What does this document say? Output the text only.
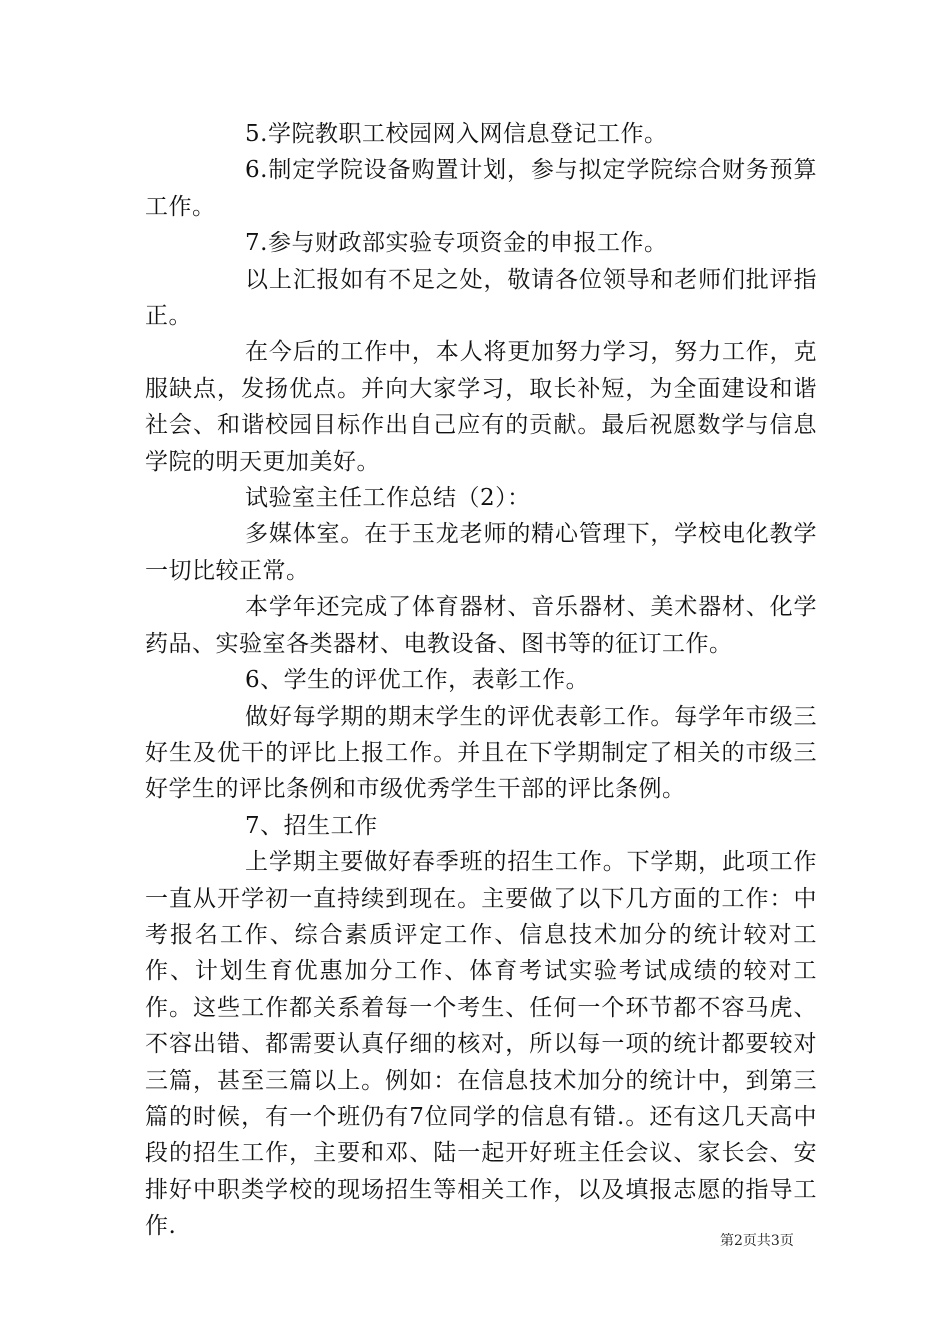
5.学院教职工校园网入网信息登记工作。

6.制定学院设备购置计划，参与拟定学院综合财务预算工作。

7.参与财政部实验专项资金的申报工作。

以上汇报如有不足之处，敬请各位领导和老师们批评指正。

在今后的工作中，本人将更加努力学习，努力工作，克服缺点，发扬优点。并向大家学习，取长补短，为全面建设和谐社会、和谐校园目标作出自己应有的贡献。最后祝愿数学与信息学院的明天更加美好。

试验室主任工作总结（2）：

多媒体室。在于玉龙老师的精心管理下，学校电化教学一切比较正常。

本学年还完成了体育器材、音乐器材、美术器材、化学药品、实验室各类器材、电教设备、图书等的征订工作。

6、学生的评优工作，表彰工作。

做好每学期的期末学生的评优表彰工作。每学年市级三好生及优干的评比上报工作。并且在下学期制定了相关的市级三好学生的评比条例和市级优秀学生干部的评比条例。

7、招生工作

上学期主要做好春季班的招生工作。下学期，此项工作一直从开学初一直持续到现在。主要做了以下几方面的工作：中考报名工作、综合素质评定工作、信息技术加分的统计较对工作、计划生育优惠加分工作、体育考试实验考试成绩的较对工作。这些工作都关系着每一个考生、任何一个环节都不容马虎、不容出错、都需要认真仔细的核对，所以每一项的统计都要较对三篇，甚至三篇以上。例如：在信息技术加分的统计中，到第三篇的时候，有一个班仍有7位同学的信息有错.。还有这几天高中段的招生工作，主要和邓、陆一起开好班主任会议、家长会、安排好中职类学校的现场招生等相关工作，以及填报志愿的指导工作.

第2页共3页
